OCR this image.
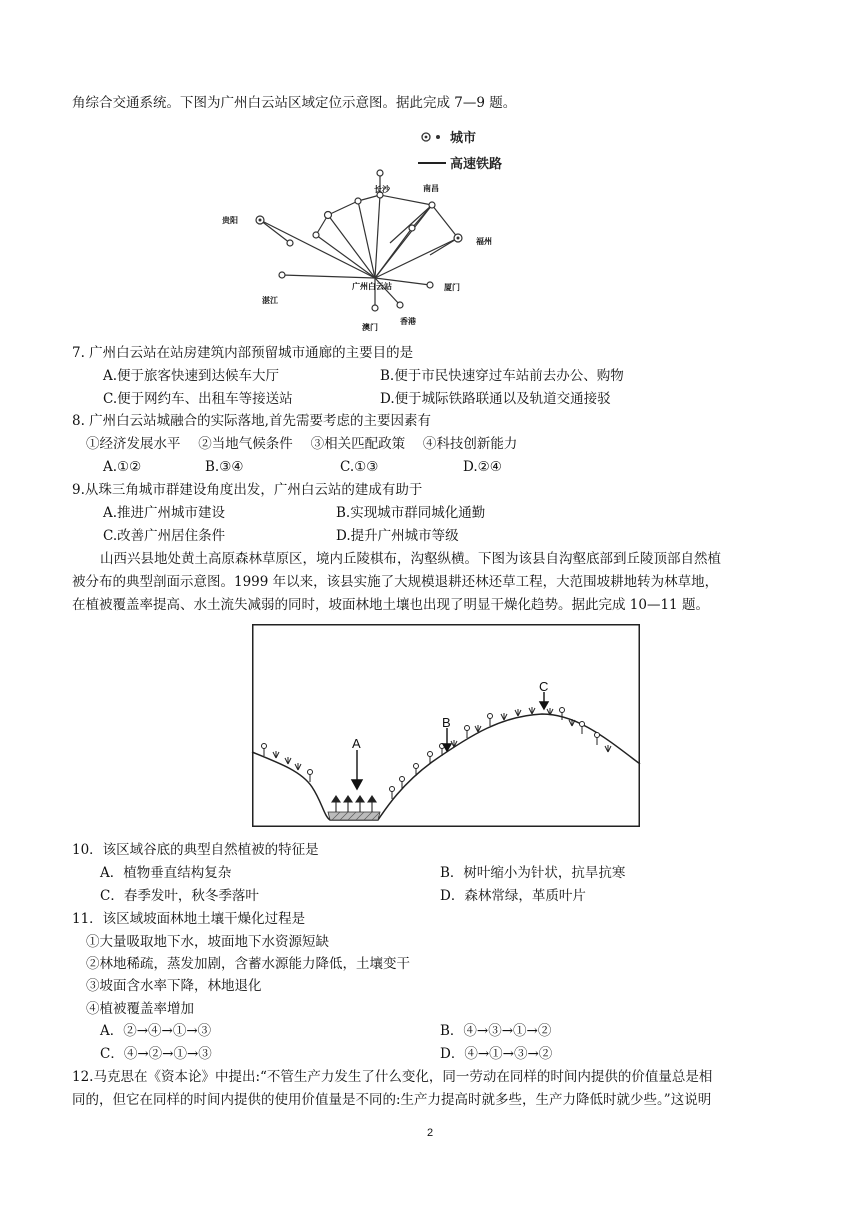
角综合交通系统。下图为广州白云站区域定位示意图。据此完成 7—9 题。
城市
高速铁路
长沙	南昌
贵阳
福州
广州白云站	厦门
湛江
澳门
香港
7. 广州白云站在站房建筑内部预留城市通廊的主要目的是
A.便于旅客快速到达候车大厅	B.便于市民快速穿过车站前去办公、购物
C.便于网约车、出租车等接送站	D.便于城际铁路联通以及轨道交通接驳
8. 广州白云站城融合的实际落地,首先需要考虑的主要因素有
①经济发展水平　 ②当地气候条件　 ③相关匹配政策　 ④科技创新能力
A.①②	B.③④	C.①③	D.②④
9.从珠三角城市群建设角度出发，广州白云站的建成有助于
A.推进广州城市建设	B.实现城市群同城化通勤
C.改善广州居住条件	D.提升广州城市等级
山西兴县地处黄土高原森林草原区，境内丘陵棋布，沟壑纵横。下图为该县自沟壑底部到丘陵顶部自然植
被分布的典型剖面示意图。1999 年以来，该县实施了大规模退耕还林还草工程，大范围坡耕地转为林草地，
在植被覆盖率提高、水土流失减弱的同时，坡面林地土壤也出现了明显干燥化趋势。据此完成 10—11 题。
A
B
C
10．该区域谷底的典型自然植被的特征是
A．植物垂直结构复杂	B．树叶缩小为针状，抗旱抗寒
C．春季发叶，秋冬季落叶	D．森林常绿，革质叶片
11．该区域坡面林地土壤干燥化过程是
①大量吸取地下水，坡面地下水资源短缺
②林地稀疏，蒸发加剧，含蓄水源能力降低，土壤变干
③坡面含水率下降，林地退化
④植被覆盖率增加
A．②→④→①→③	B．④→③→①→②
C．④→②→①→③	D．④→①→③→②
12.马克思在《资本论》中提出:“不管生产力发生了什么变化，同一劳动在同样的时间内提供的价值量总是相
同的，但它在同样的时间内提供的使用价值量是不同的:生产力提高时就多些，生产力降低时就少些。”这说明
2
